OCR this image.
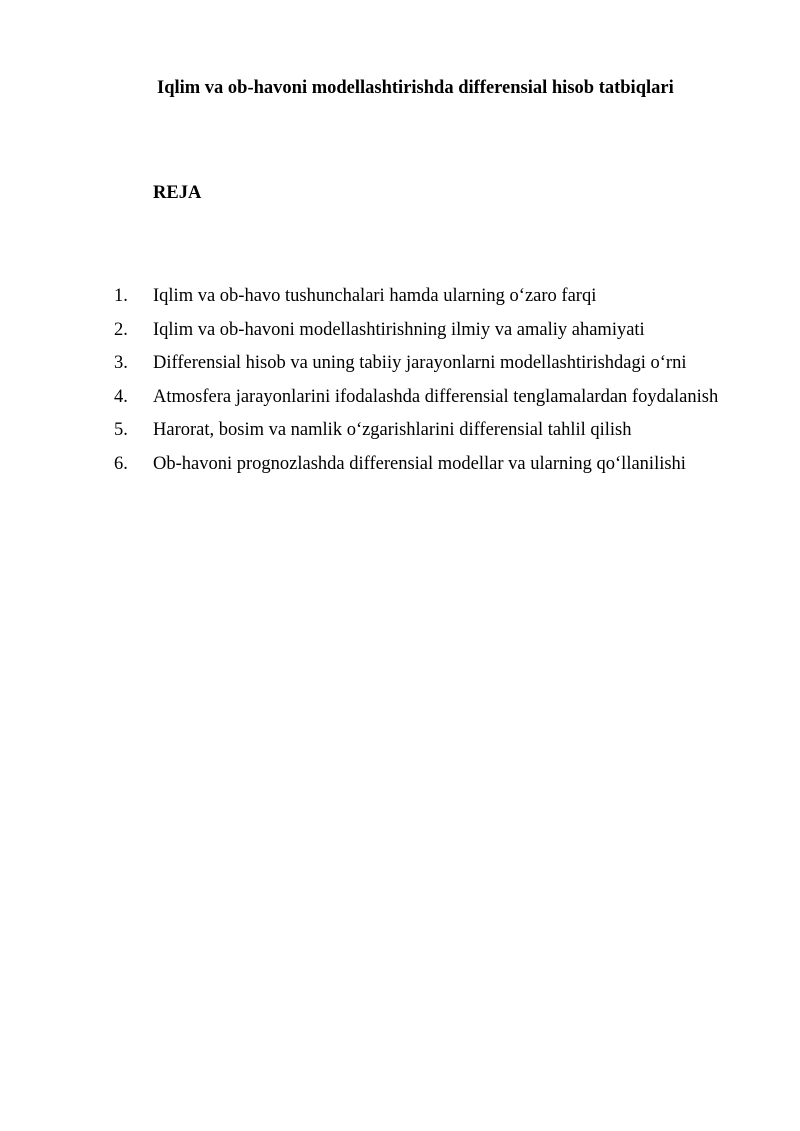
Iqlim va ob-havoni modellashtirishda differensial hisob tatbiqlari
REJA
1.	Iqlim va ob-havo tushunchalari hamda ularning o‘zaro farqi
2.	Iqlim va ob-havoni modellashtirishning ilmiy va amaliy ahamiyati
3.	Differensial hisob va uning tabiiy jarayonlarni modellashtirishdagi o‘rni
4.	Atmosfera jarayonlarini ifodalashda differensial tenglamalardan foydalanish
5.	Harorat, bosim va namlik o‘zgarishlarini differensial tahlil qilish
6.	Ob-havoni prognozlashda differensial modellar va ularning qo‘llanilishi
